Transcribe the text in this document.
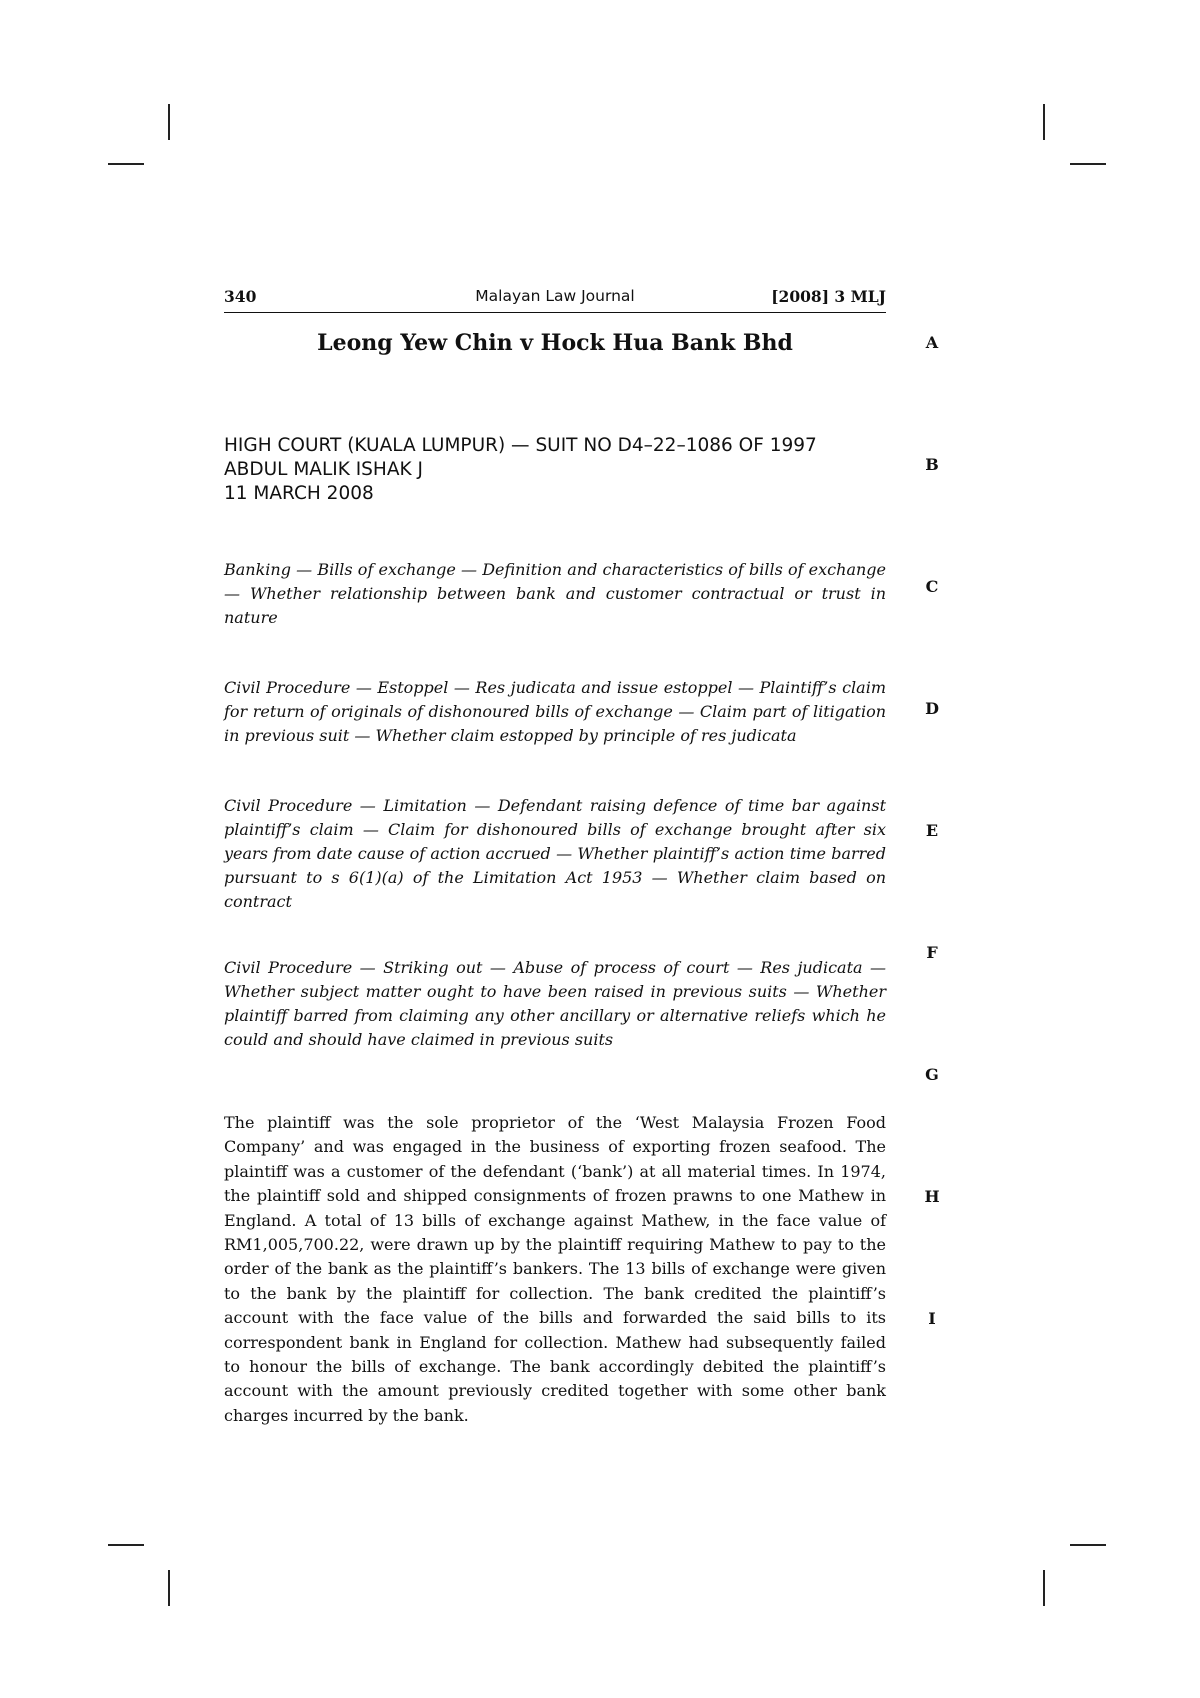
340	Malayan Law Journal	[2008] 3 MLJ
Leong Yew Chin v Hock Hua Bank Bhd
HIGH COURT (KUALA LUMPUR) — SUIT NO D4–22–1086 OF 1997
ABDUL MALIK ISHAK J
11 MARCH 2008
Banking — Bills of exchange — Definition and characteristics of bills of exchange — Whether relationship between bank and customer contractual or trust in nature
Civil Procedure — Estoppel — Res judicata and issue estoppel — Plaintiff’s claim for return of originals of dishonoured bills of exchange — Claim part of litigation in previous suit — Whether claim estopped by principle of res judicata
Civil Procedure — Limitation — Defendant raising defence of time bar against plaintiff’s claim — Claim for dishonoured bills of exchange brought after six years from date cause of action accrued — Whether plaintiff’s action time barred pursuant to s 6(1)(a) of the Limitation Act 1953 — Whether claim based on contract
Civil Procedure — Striking out — Abuse of process of court — Res judicata — Whether subject matter ought to have been raised in previous suits — Whether plaintiff barred from claiming any other ancillary or alternative reliefs which he could and should have claimed in previous suits
The plaintiff was the sole proprietor of the ‘West Malaysia Frozen Food Company’ and was engaged in the business of exporting frozen seafood. The plaintiff was a customer of the defendant (‘bank’) at all material times. In 1974, the plaintiff sold and shipped consignments of frozen prawns to one Mathew in England. A total of 13 bills of exchange against Mathew, in the face value of RM1,005,700.22, were drawn up by the plaintiff requiring Mathew to pay to the order of the bank as the plaintiff’s bankers. The 13 bills of exchange were given to the bank by the plaintiff for collection. The bank credited the plaintiff’s account with the face value of the bills and forwarded the said bills to its correspondent bank in England for collection. Mathew had subsequently failed to honour the bills of exchange. The bank accordingly debited the plaintiff’s account with the amount previously credited together with some other bank charges incurred by the bank.
A
B
C
D
E
F
G
H
I
